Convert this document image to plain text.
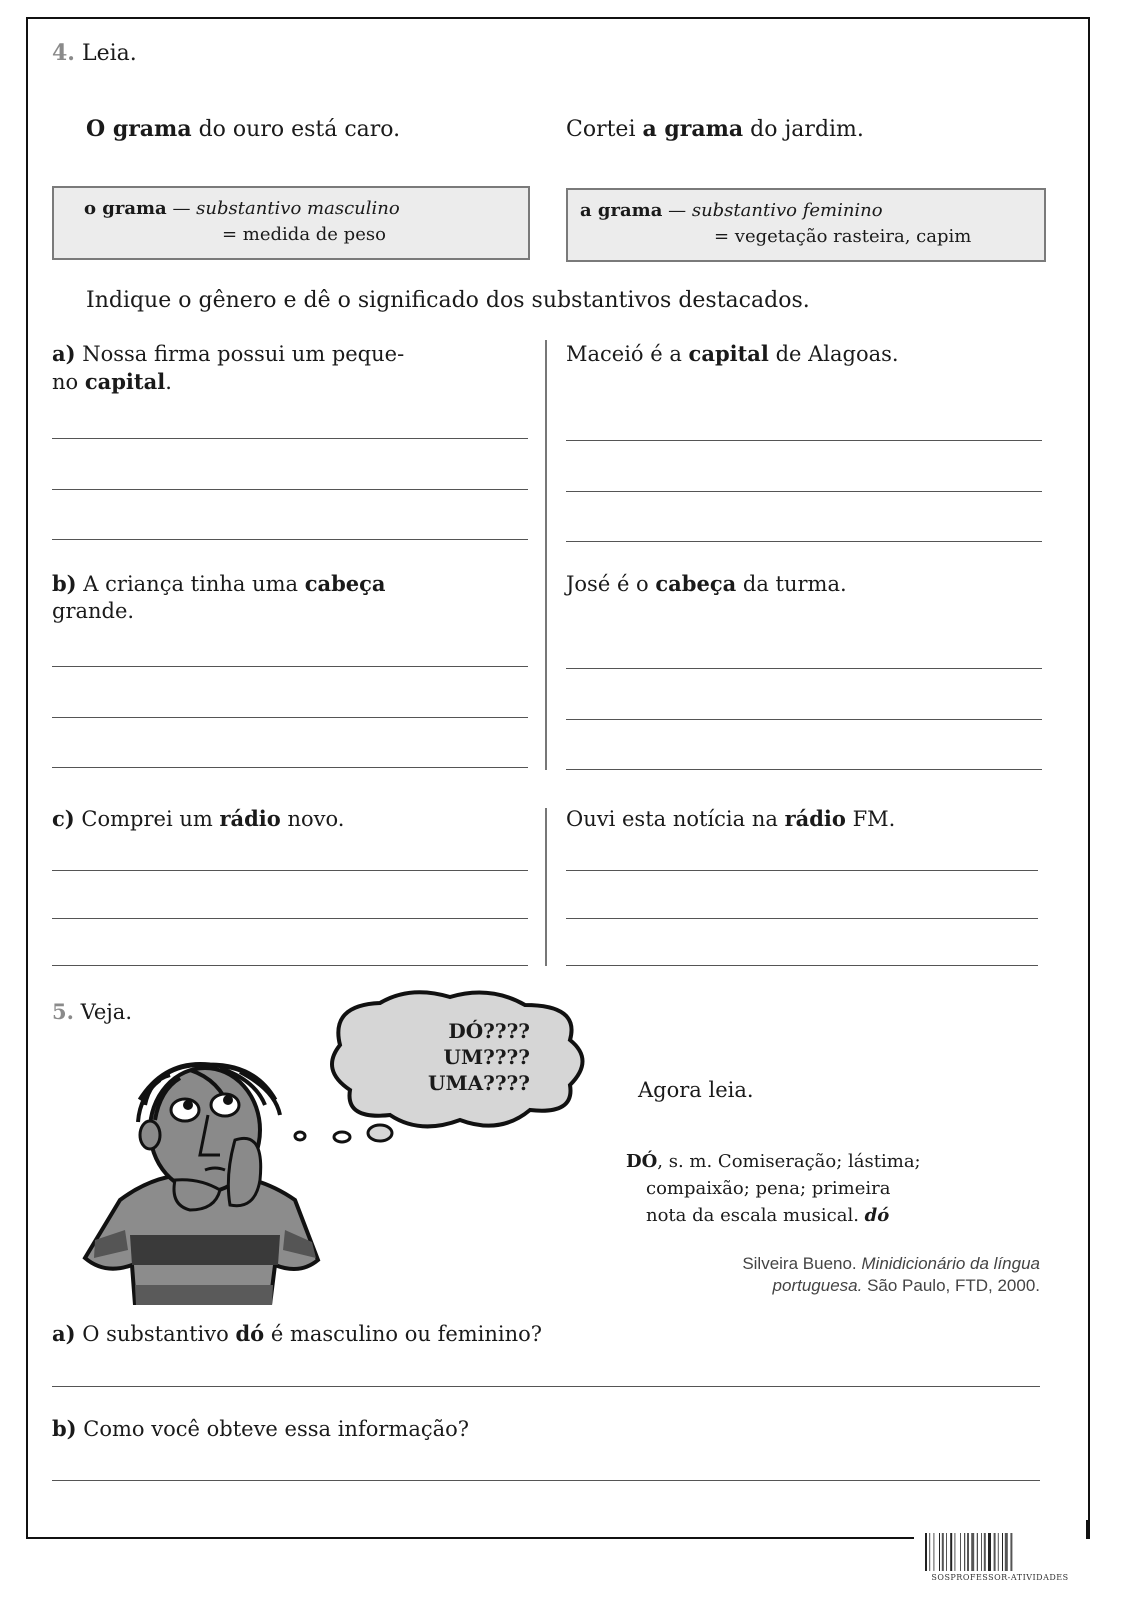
4. Leia.
O grama do ouro está caro.	Cortei a grama do jardim.
o grama — substantivo masculino
= medida de peso
a grama — substantivo feminino
= vegetação rasteira, capim
Indique o gênero e dê o significado dos substantivos destacados.
a) Nossa firma possui um peque-
no capital.
Maceió é a capital de Alagoas.
b) A criança tinha uma cabeça
grande.
José é o cabeça da turma.
c) Comprei um rádio novo.	Ouvi esta notícia na rádio FM.
5. Veja.
DÓ????
UM????
UMA????	Agora leia.
DÓ, s. m. Comiseração; lástima;
compaixão; pena; primeira
nota da escala musical. dó
Silveira Bueno. Minidicionário da língua
portuguesa. São Paulo, FTD, 2000.
a) O substantivo dó é masculino ou feminino?
b) Como você obteve essa informação?
SOSPROFESSOR-ATIVIDADES
